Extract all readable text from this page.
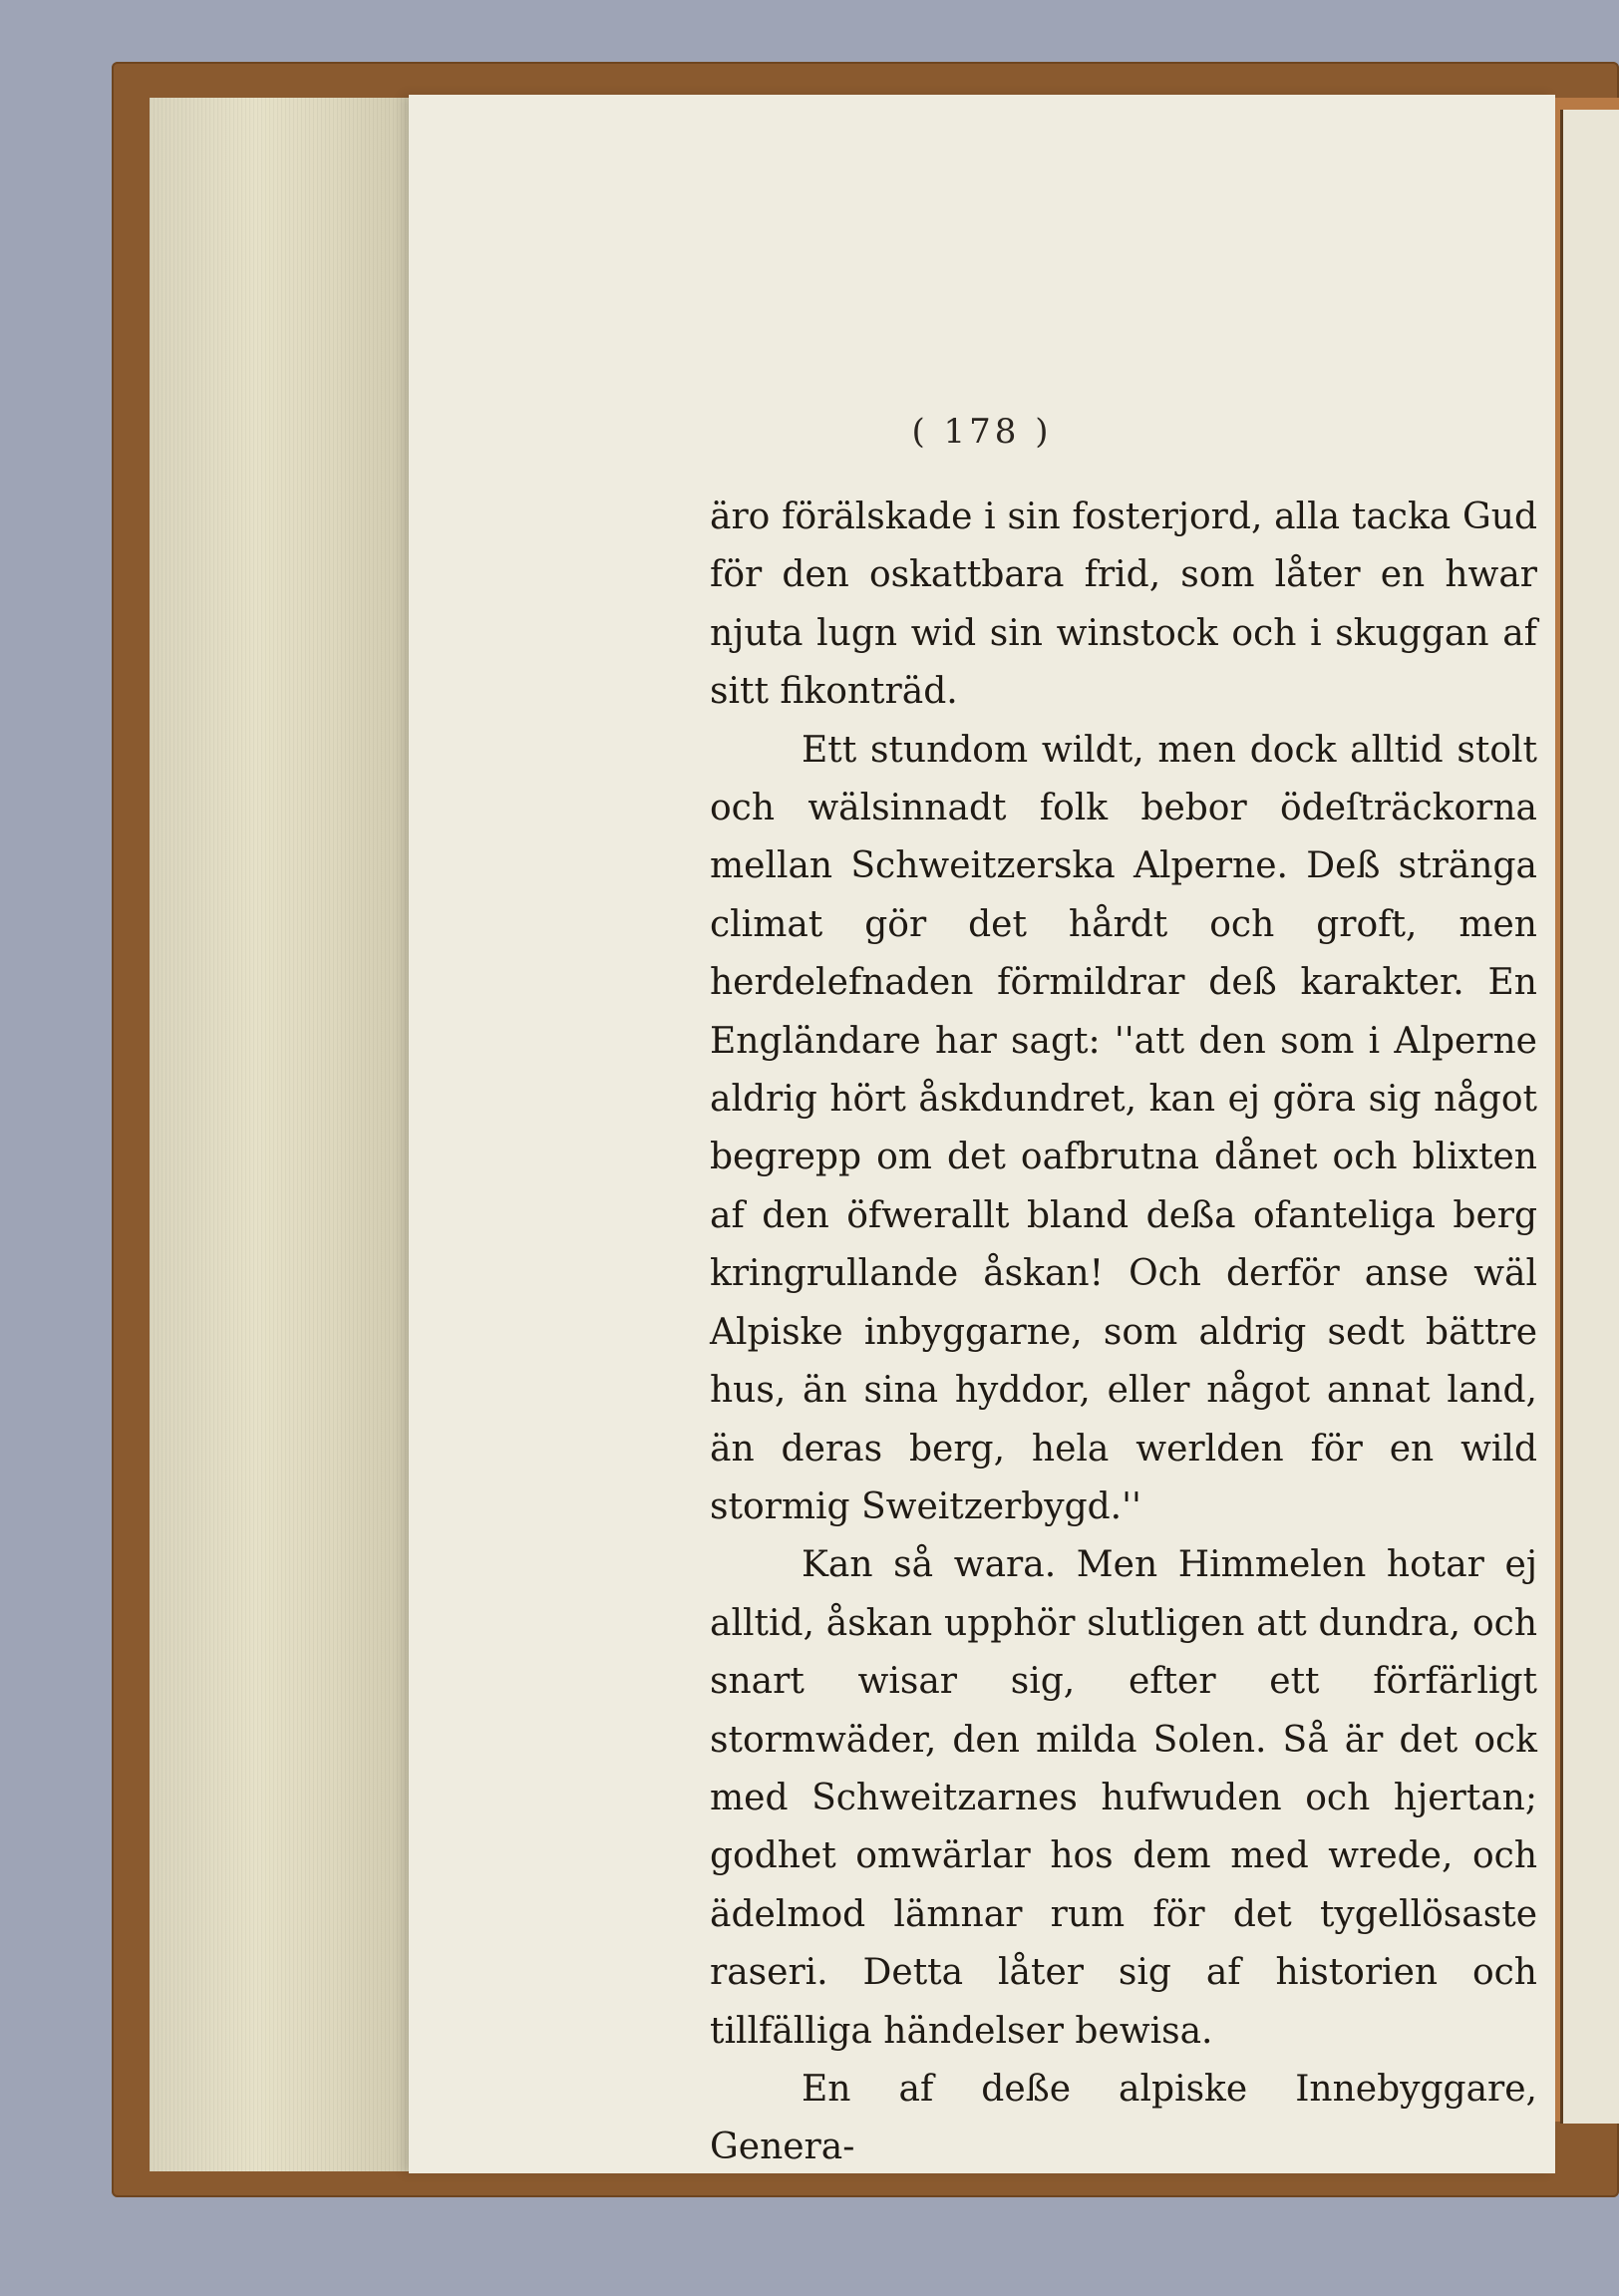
( 178 )

äro förälskade i sin fosterjord, alla tacka Gud för den oskattbara frid, som låter en hwar njuta lugn wid sin winstock och i skuggan af sitt fikonträd.

Ett stundom wildt, men dock alltid stolt och wälsinnadt folk bebor ödeſträckorna mellan Schweitzerska Alperne. Deß stränga climat gör det hårdt och groft, men herdelefnaden förmildrar deß karakter. En Engländare har sagt: ''att den som i Alperne aldrig hört åskdundret, kan ej göra sig något begrepp om det oafbrutna dånet och blixten af den öfwerallt bland deßa ofanteliga berg kringrullande åskan! Och derför anse wäl Alpiske inbyggarne, som aldrig sedt bättre hus, än sina hyddor, eller något annat land, än deras berg, hela werlden för en wild stormig Sweitzerbygd.''

Kan så wara. Men Himmelen hotar ej alltid, åskan upphör slutligen att dundra, och snart wisar sig, efter ett förfärligt stormwäder, den milda Solen. Så är det ock med Schweitzarnes hufwuden och hjertan; godhet omwärlar hos dem med wrede, och ädelmod lämnar rum för det tygellösaste raseri. Detta låter sig af historien och tillfälliga händelser bewisa.

En af deße alpiske Innebyggare, Genera-
